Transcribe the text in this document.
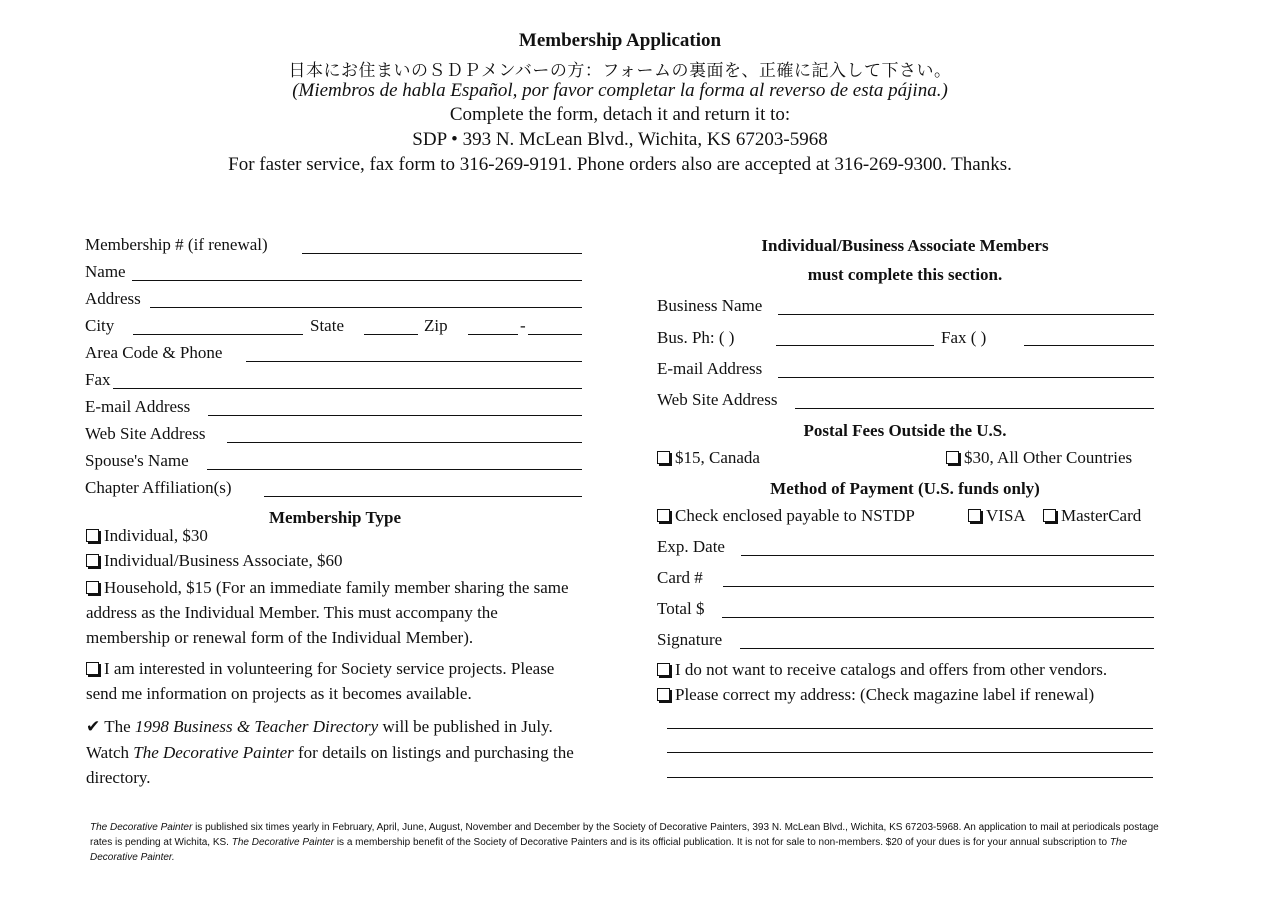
Membership Application
日本にお住まいのＳＤＰメンバーの方：フォームの裏面を、正確に記入して下さい。
(Miembros de habla Español, por favor completar la forma al reverso de esta pájina.)
Complete the form, detach it and return it to:
SDP • 393 N. McLean Blvd., Wichita, KS 67203-5968
For faster service, fax form to 316-269-9191. Phone orders also are accepted at 316-269-9300. Thanks.
Membership # (if renewal)
Name
Address
City	State	Zip	-
Area Code & Phone
Fax
E-mail Address
Web Site Address
Spouse's Name
Chapter Affiliation(s)
Membership Type
Individual, $30
Individual/Business Associate, $60
Household, $15 (For an immediate family member sharing the same address as the Individual Member. This must accompany the membership or renewal form of the Individual Member).
I am interested in volunteering for Society service projects. Please send me information on projects as it becomes available.
✔ The 1998 Business & Teacher Directory will be published in July. Watch The Decorative Painter for details on listings and purchasing the directory.
Individual/Business Associate Members
must complete this section.
Business Name
Bus. Ph: ( )	Fax ( )
E-mail Address
Web Site Address
Postal Fees Outside the U.S.
$15, Canada	$30, All Other Countries
Method of Payment (U.S. funds only)
Check enclosed payable to NSTDP	VISA	MasterCard
Exp. Date
Card #
Total $
Signature
I do not want to receive catalogs and offers from other vendors.
Please correct my address: (Check magazine label if renewal)
The Decorative Painter is published six times yearly in February, April, June, August, November and December by the Society of Decorative Painters, 393 N. McLean Blvd., Wichita, KS 67203-5968. An application to mail at periodicals postage rates is pending at Wichita, KS. The Decorative Painter is a membership benefit of the Society of Decorative Painters and is its official publication. It is not for sale to non-members. $20 of your dues is for your annual subscription to The Decorative Painter.
